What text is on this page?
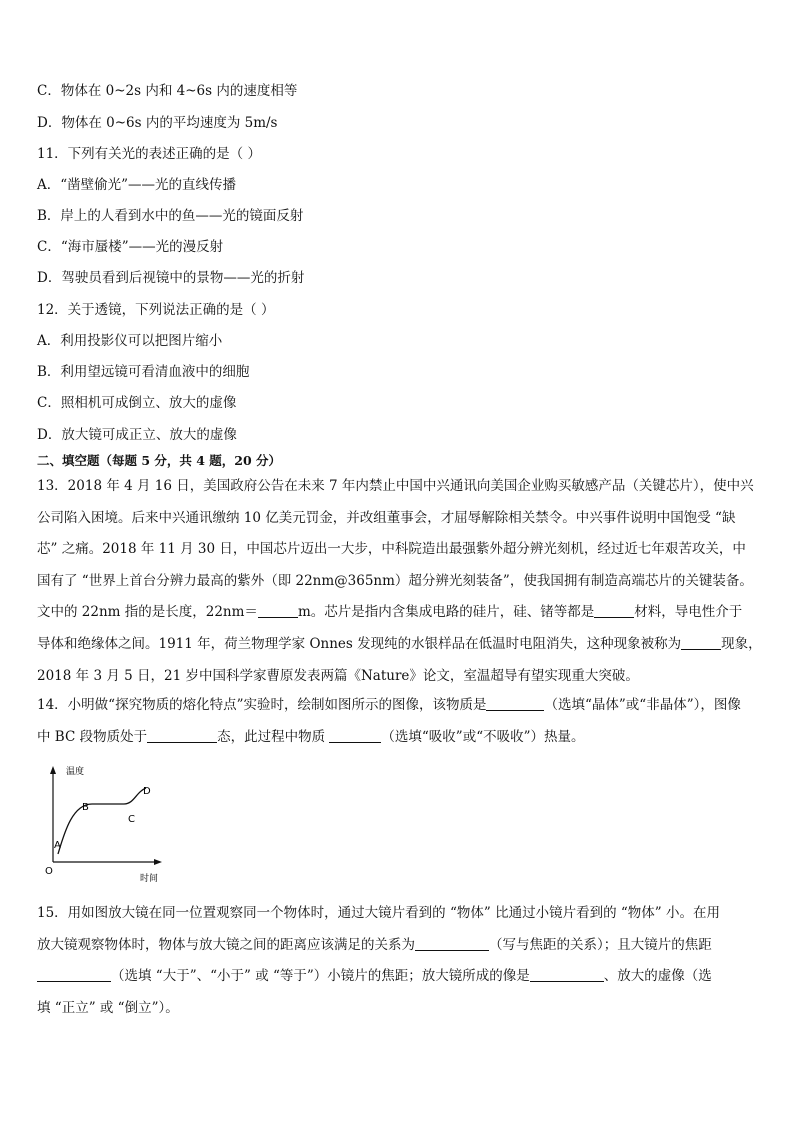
C．物体在 0~2s 内和 4~6s 内的速度相等
D．物体在 0~6s 内的平均速度为 5m/s
11．下列有关光的表述正确的是（ ）
A．“凿壁偷光”——光的直线传播
B．岸上的人看到水中的鱼——光的镜面反射
C．“海市蜃楼”——光的漫反射
D．驾驶员看到后视镜中的景物——光的折射
12．关于透镜，下列说法正确的是（ ）
A．利用投影仪可以把图片缩小
B．利用望远镜可看清血液中的细胞
C．照相机可成倒立、放大的虚像
D．放大镜可成正立、放大的虚像
二、填空题（每题 5 分，共 4 题，20 分）
13．2018 年 4 月 16 日，美国政府公告在未来 7 年内禁止中国中兴通讯向美国企业购买敏感产品（关键芯片），使中兴
公司陷入困境。后来中兴通讯缴纳 10 亿美元罚金，并改组董事会，才屈辱解除相关禁令。中兴事件说明中国饱受 “缺
芯” 之痛。2018 年 11 月 30 日，中国芯片迈出一大步，中科院造出最强紫外超分辨光刻机，经过近七年艰苦攻关，中
国有了 “世界上首台分辨力最高的紫外（即 22nm@365nm）超分辨光刻装备”，使我国拥有制造高端芯片的关键装备。
文中的 22nm 指的是长度，22nm＝	m。芯片是指内含集成电路的硅片，硅、锗等都是	材料，导电性介于
导体和绝缘体之间。1911 年，荷兰物理学家 Onnes 发现纯的水银样品在低温时电阻消失，这种现象被称为	现象，
2018 年 3 月 5 日，21 岁中国科学家曹原发表两篇《Nature》论文，室温超导有望实现重大突破。
14．小明做“探究物质的熔化特点”实验时，绘制如图所示的图像，该物质是	（选填“晶体”或“非晶体”），图像
中 BC 段物质处于	态，此过程中物质	（选填“吸收”或“不吸收”）热量。
温度
时间
O
A
B
C
D
15．用如图放大镜在同一位置观察同一个物体时，通过大镜片看到的 “物体” 比通过小镜片看到的 “物体” 小。在用
放大镜观察物体时，物体与放大镜之间的距离应该满足的关系为	（写与焦距的关系）；且大镜片的焦距
（选填 “大于”、“小于” 或 “等于”）小镜片的焦距；放大镜所成的像是	、放大的虚像（选
填 “正立” 或 “倒立”）。
